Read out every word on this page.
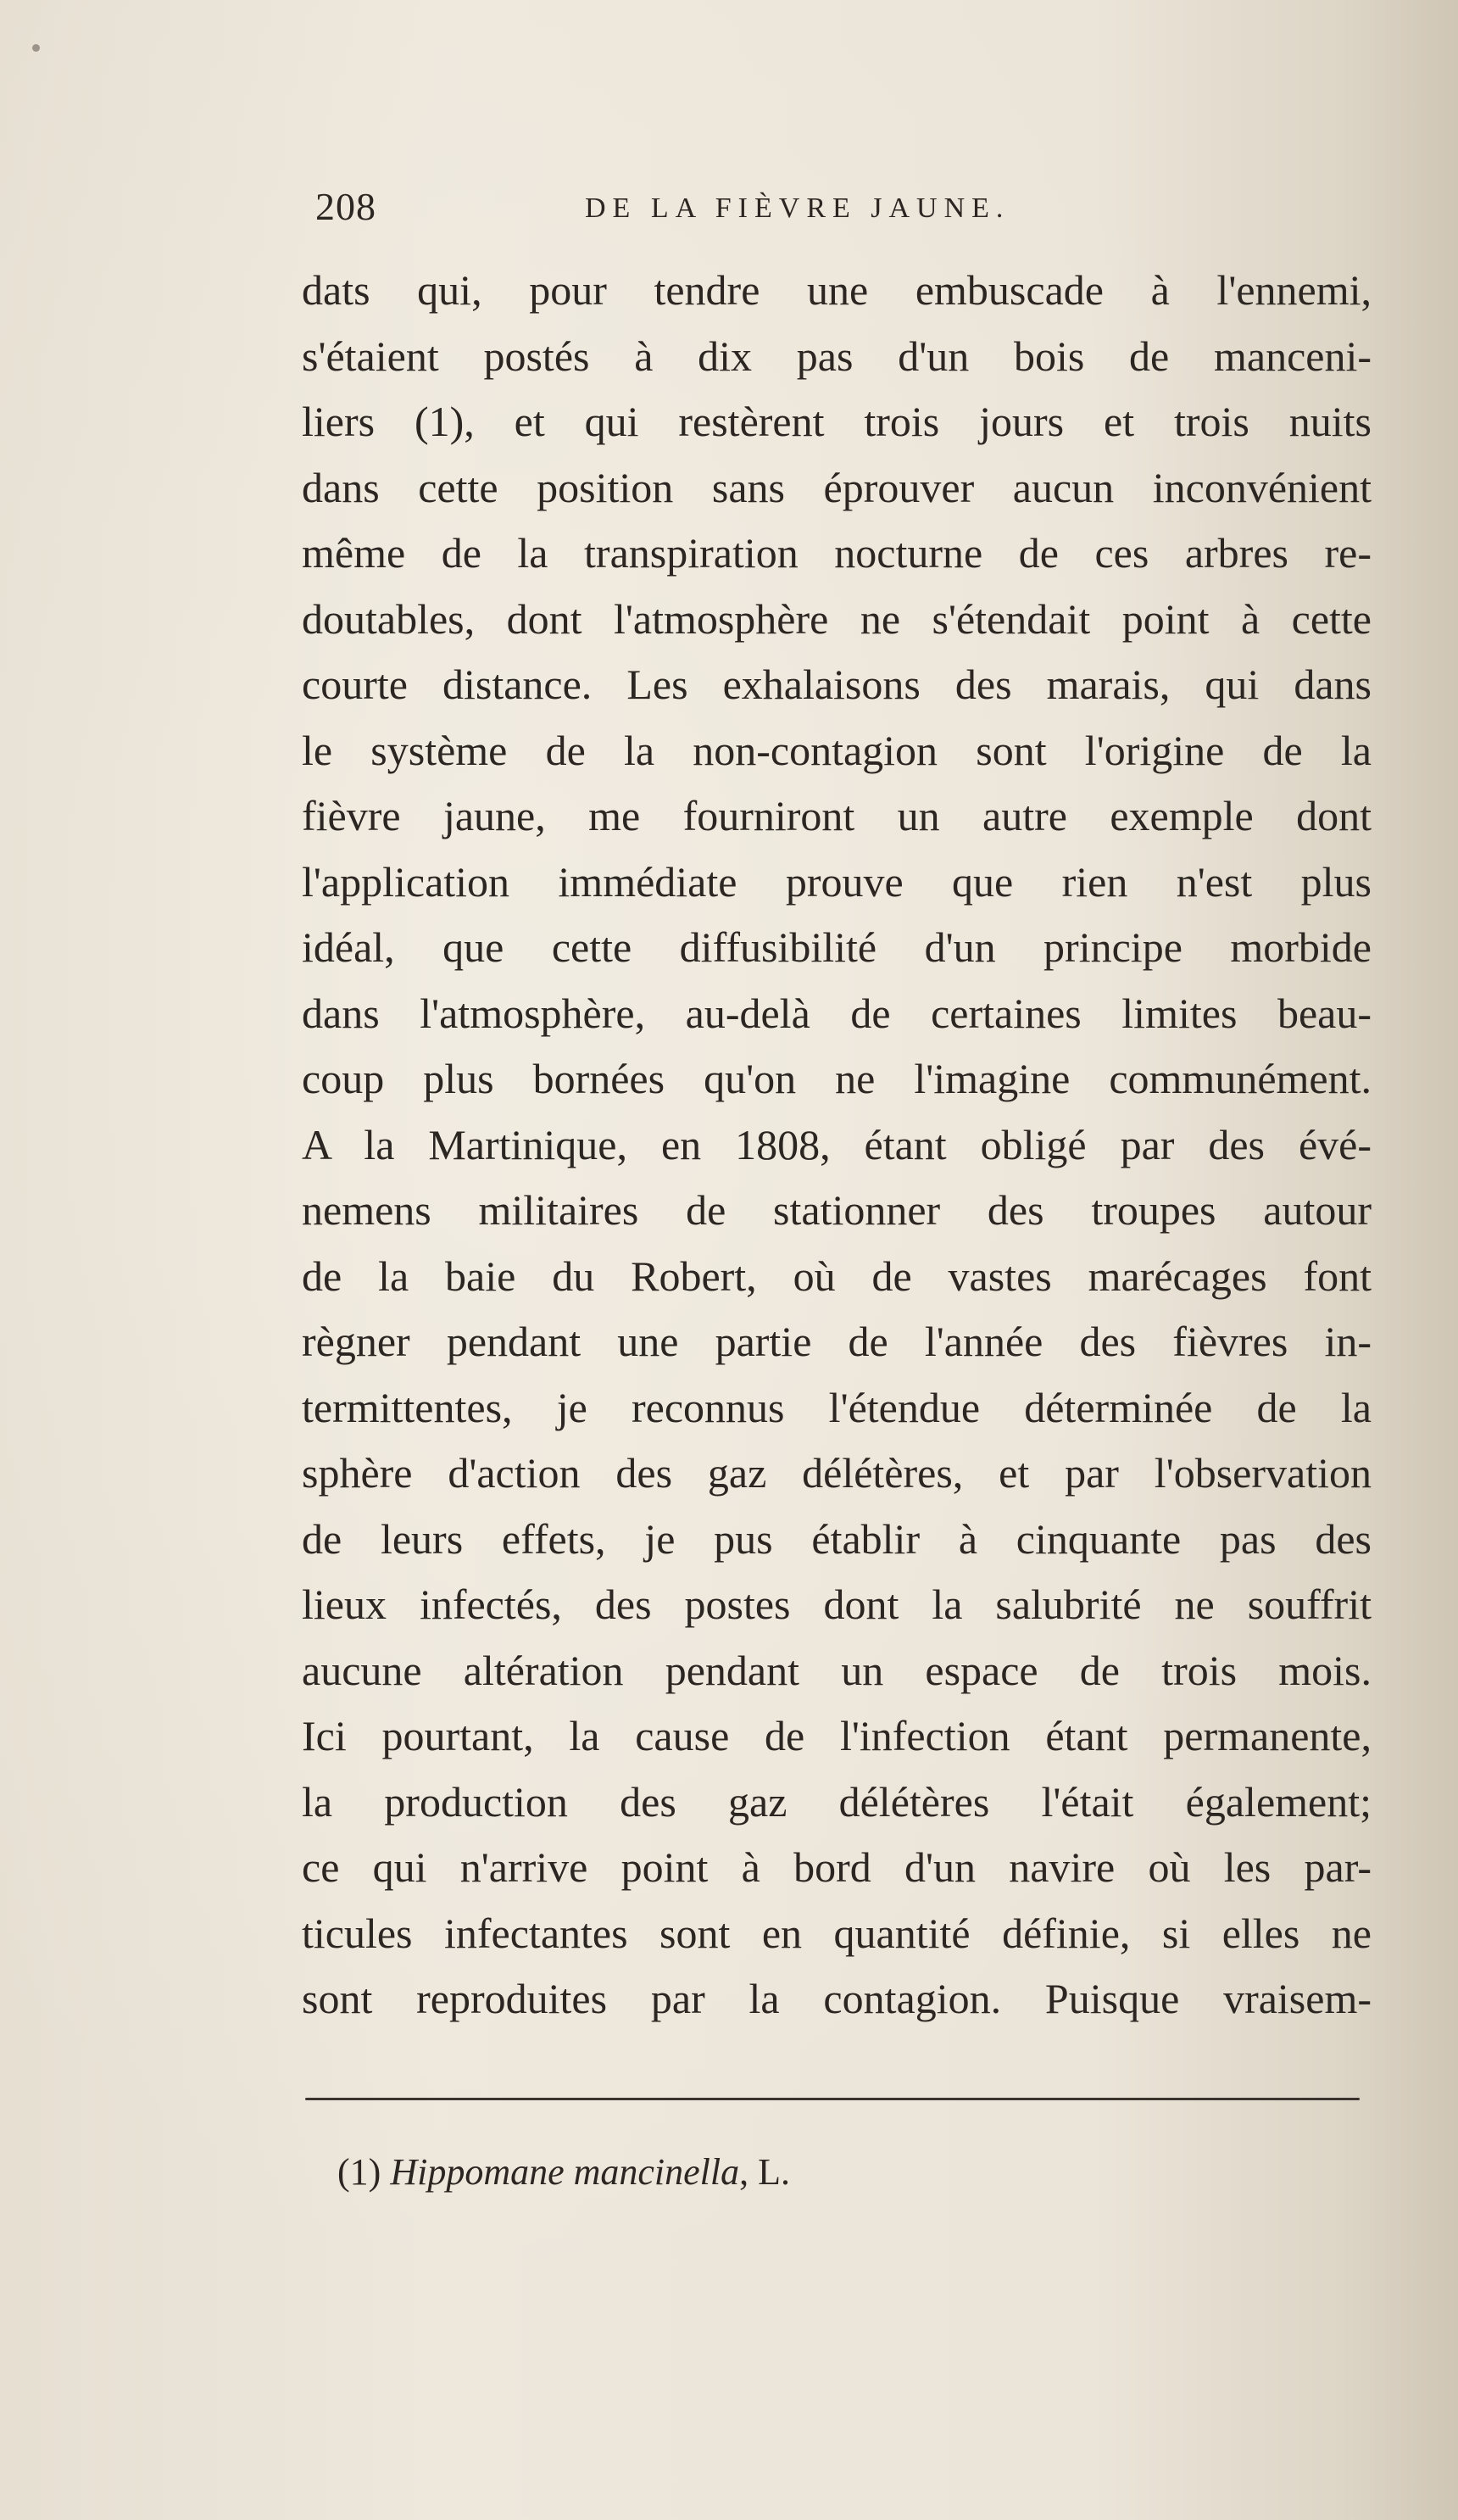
208	DE LA FIÈVRE JAUNE.
dats qui, pour tendre une embuscade à l'ennemi,
s'étaient postés à dix pas d'un bois de manceni-
liers (1), et qui restèrent trois jours et trois nuits
dans cette position sans éprouver aucun inconvénient
même de la transpiration nocturne de ces arbres re-
doutables, dont l'atmosphère ne s'étendait point à cette
courte distance. Les exhalaisons des marais, qui dans
le système de la non-contagion sont l'origine de la
fièvre jaune, me fourniront un autre exemple dont
l'application immédiate prouve que rien n'est plus
idéal, que cette diffusibilité d'un principe morbide
dans l'atmosphère, au-delà de certaines limites beau-
coup plus bornées qu'on ne l'imagine communément.
A la Martinique, en 1808, étant obligé par des évé-
nemens militaires de stationner des troupes autour
de la baie du Robert, où de vastes marécages font
règner pendant une partie de l'année des fièvres in-
termittentes, je reconnus l'étendue déterminée de la
sphère d'action des gaz délétères, et par l'observation
de leurs effets, je pus établir à cinquante pas des
lieux infectés, des postes dont la salubrité ne souffrit
aucune altération pendant un espace de trois mois.
Ici pourtant, la cause de l'infection étant permanente,
la production des gaz délétères l'était également;
ce qui n'arrive point à bord d'un navire où les par-
ticules infectantes sont en quantité définie, si elles ne
sont reproduites par la contagion. Puisque vraisem-
(1) Hippomane mancinella, L.
